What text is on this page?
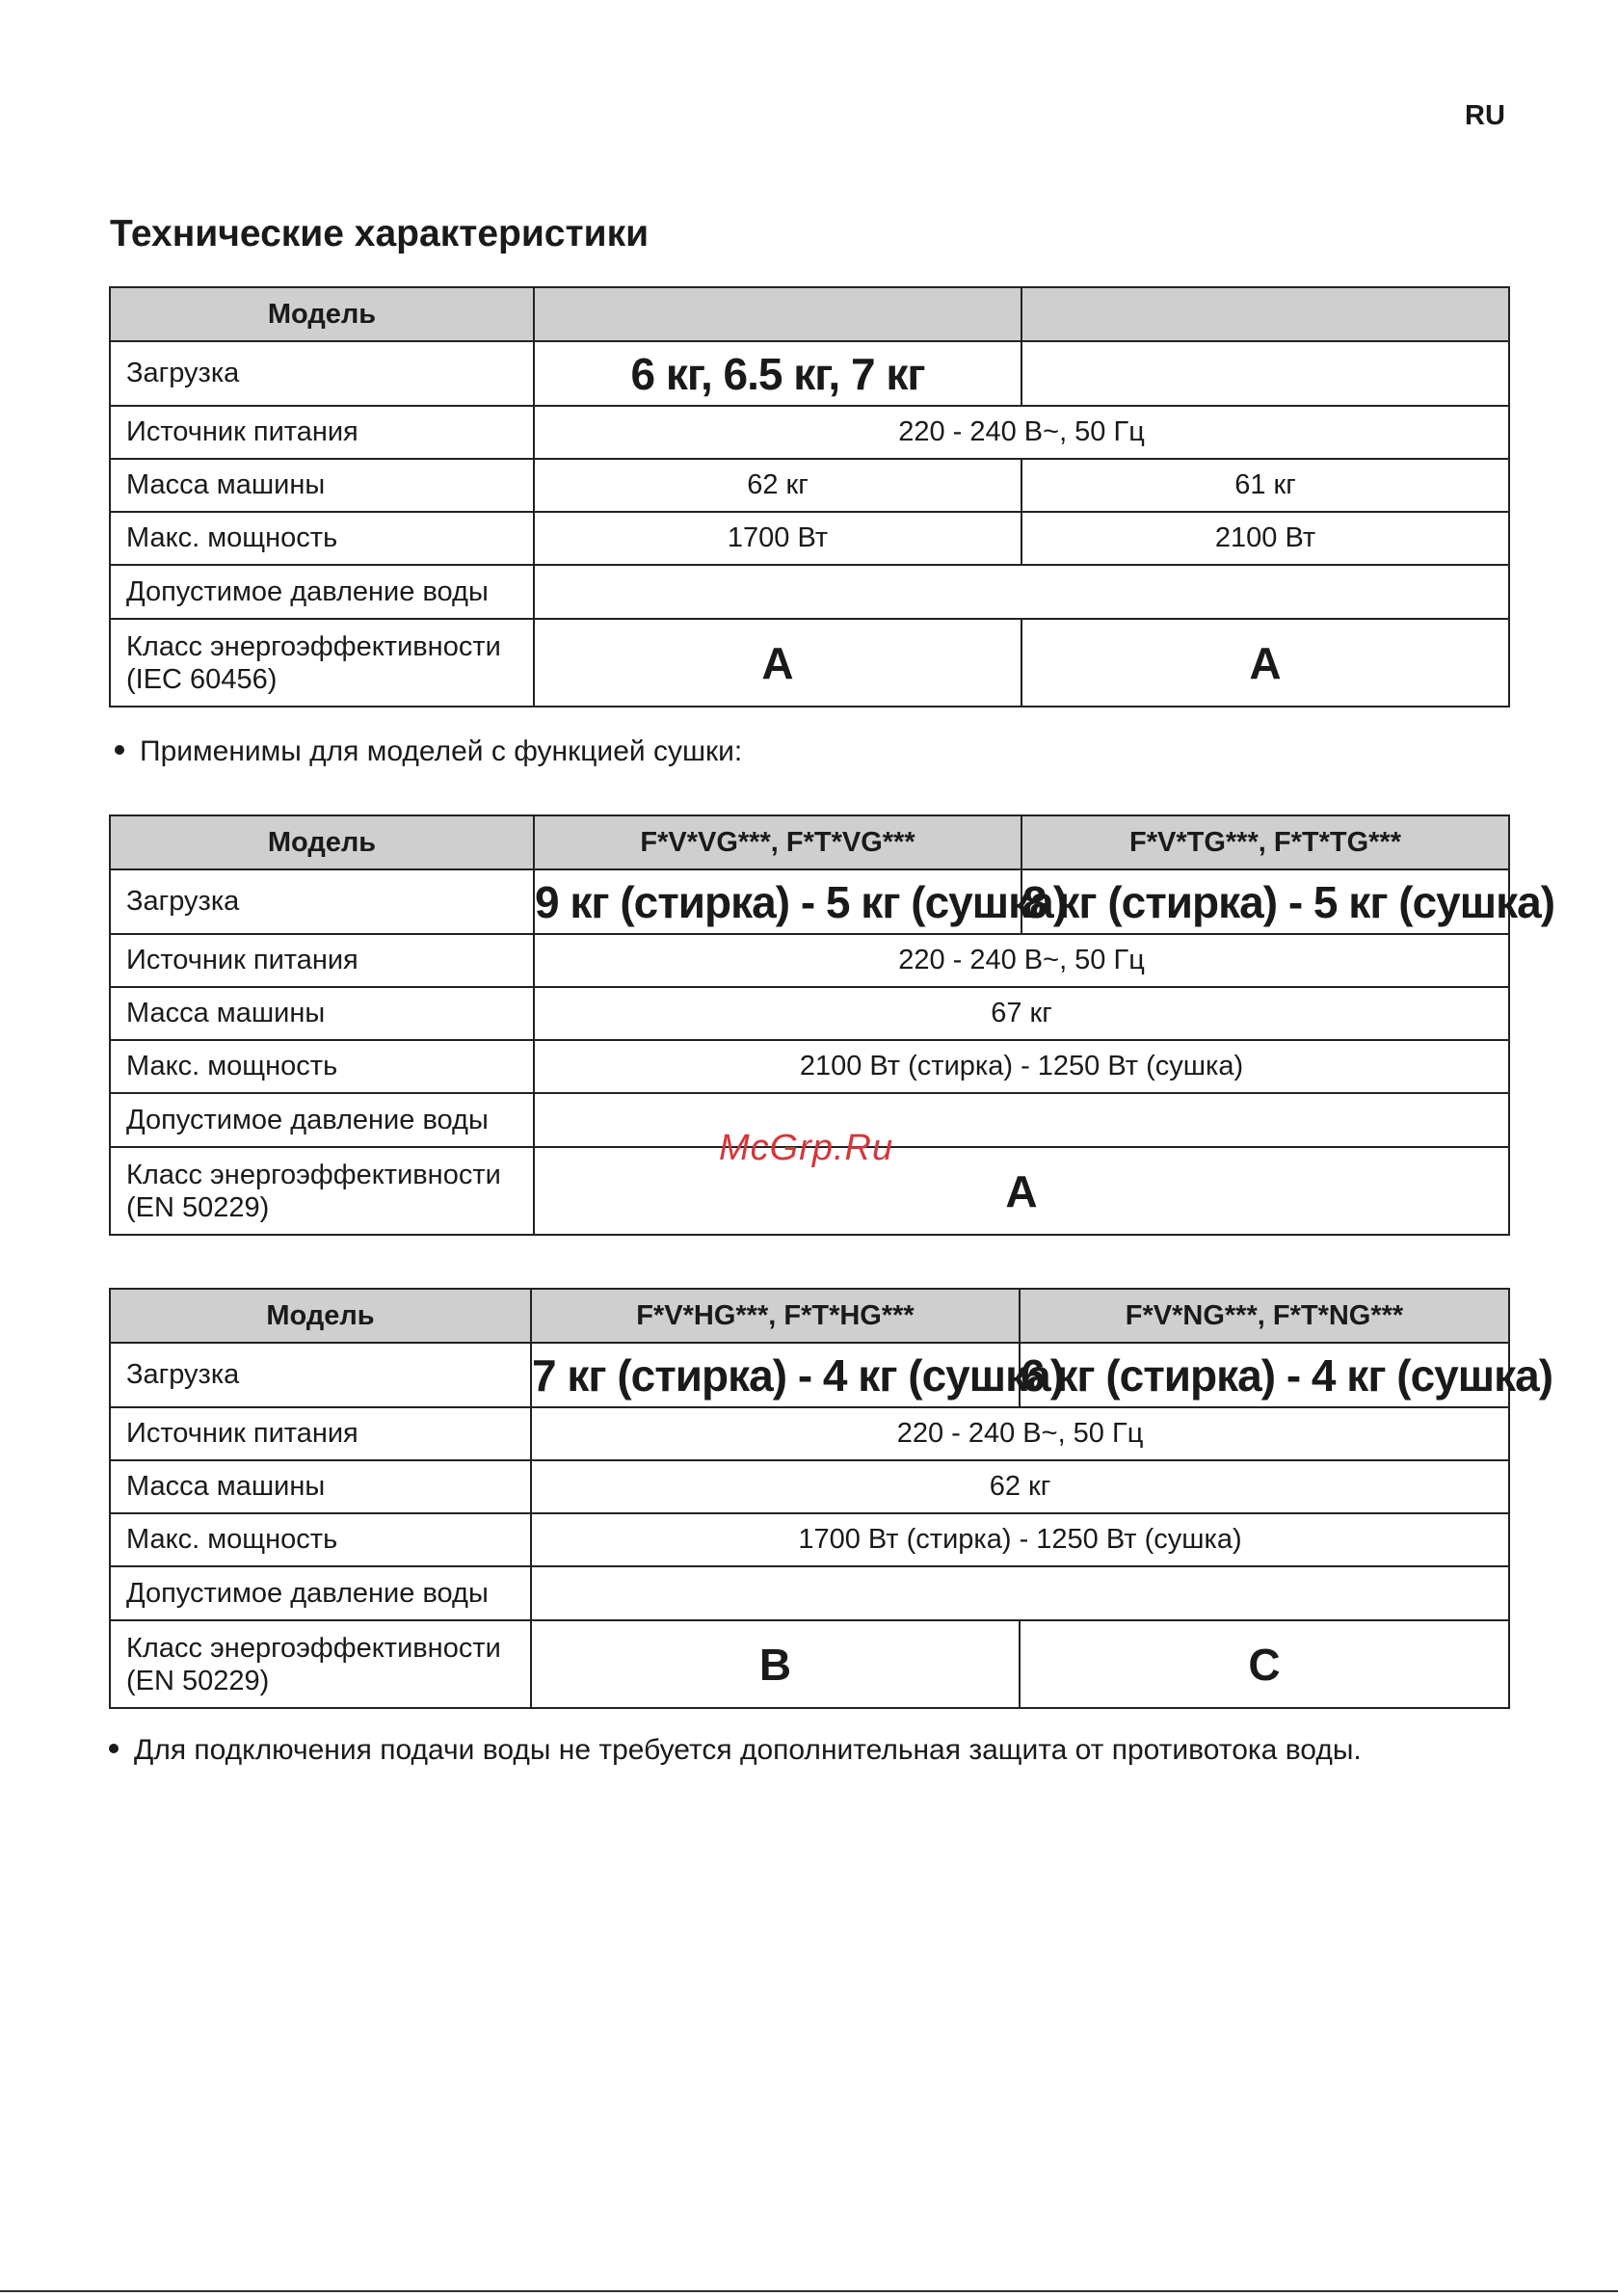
RU
Технические характеристики
Модель		
Загрузка	6 кг, 6.5 кг, 7 кг	
Источник питания	220 - 240 В~, 50 Гц	
Масса машины	62 кг	61 кг
Макс. мощность	1700 Вт	2100 Вт
Допустимое давление воды		

Класс энергоэффективности
(IEC 60456)	A	A
Применимы для моделей с функцией сушки:
Модель	F*V*VG***, F*T*VG***	F*V*TG***, F*T*TG***
Загрузка	9 кг (стирка) - 5 кг (сушка)	8 кг (стирка) - 5 кг (сушка)
Источник питания	220 - 240 В~, 50 Гц	
Масса машины	67 кг	
Макс. мощность	2100 Вт (стирка) - 1250 Вт (сушка)	
Допустимое давление воды		

Класс энергоэффективности
(EN 50229)	A	
Модель	F*V*HG***, F*T*HG***	F*V*NG***, F*T*NG***
Загрузка	7 кг (стирка) - 4 кг (сушка)	6 кг (стирка) - 4 кг (сушка)
Источник питания	220 - 240 В~, 50 Гц	
Масса машины	62 кг	
Макс. мощность	1700 Вт (стирка) - 1250 Вт (сушка)	
Допустимое давление воды		

Класс энергоэффективности
(EN 50229)	B	C
Для подключения подачи воды не требуется дополнительная защита от противотока воды.
McGrp.Ru
